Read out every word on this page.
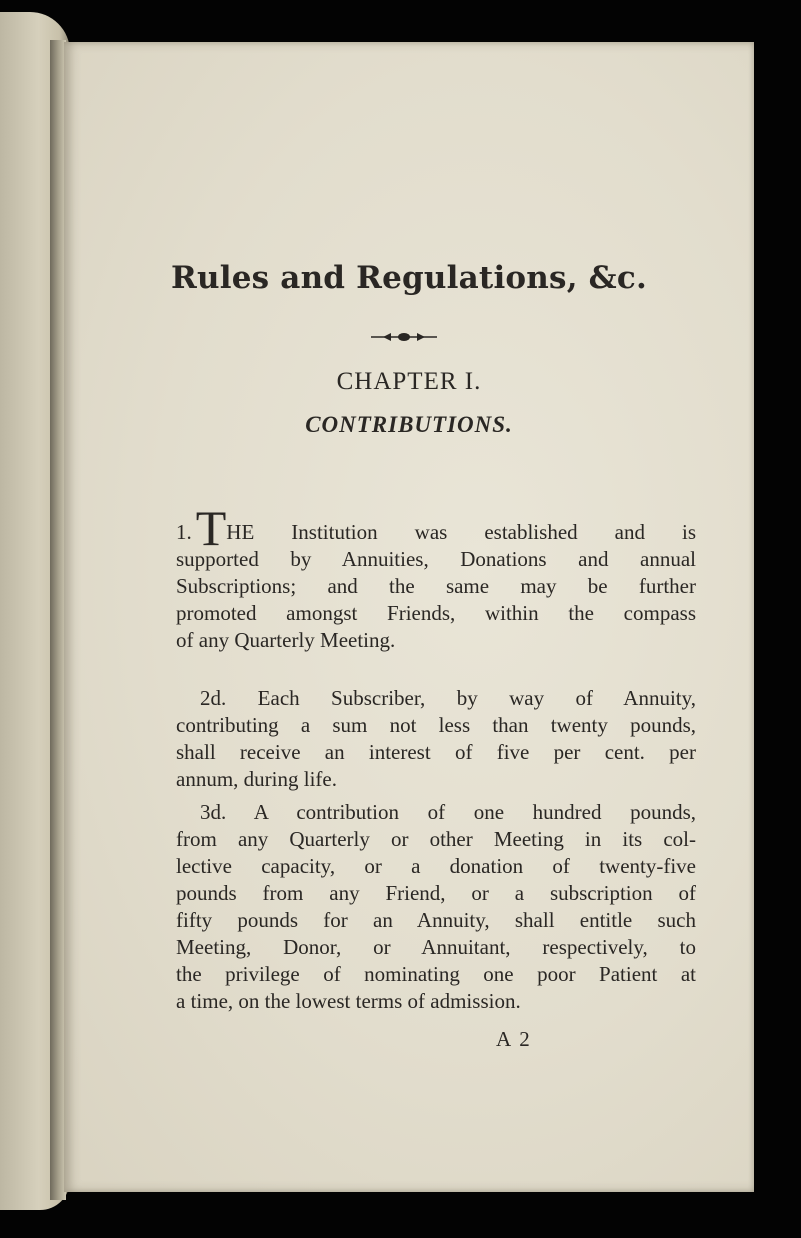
Rules and Regulations, &c.
CHAPTER I.
CONTRIBUTIONS.
1.THE Institution was established and is
supported by Annuities, Donations and annual
Subscriptions; and the same may be further
promoted amongst Friends, within the compass
of any Quarterly Meeting.
2d. Each Subscriber, by way of Annuity,
contributing a sum not less than twenty pounds,
shall receive an interest of five per cent. per
annum, during life.
3d. A contribution of one hundred pounds,
from any Quarterly or other Meeting in its col-
lective capacity, or a donation of twenty-five
pounds from any Friend, or a subscription of
fifty pounds for an Annuity, shall entitle such
Meeting, Donor, or Annuitant, respectively, to
the privilege of nominating one poor Patient at
a time, on the lowest terms of admission.
A 2
